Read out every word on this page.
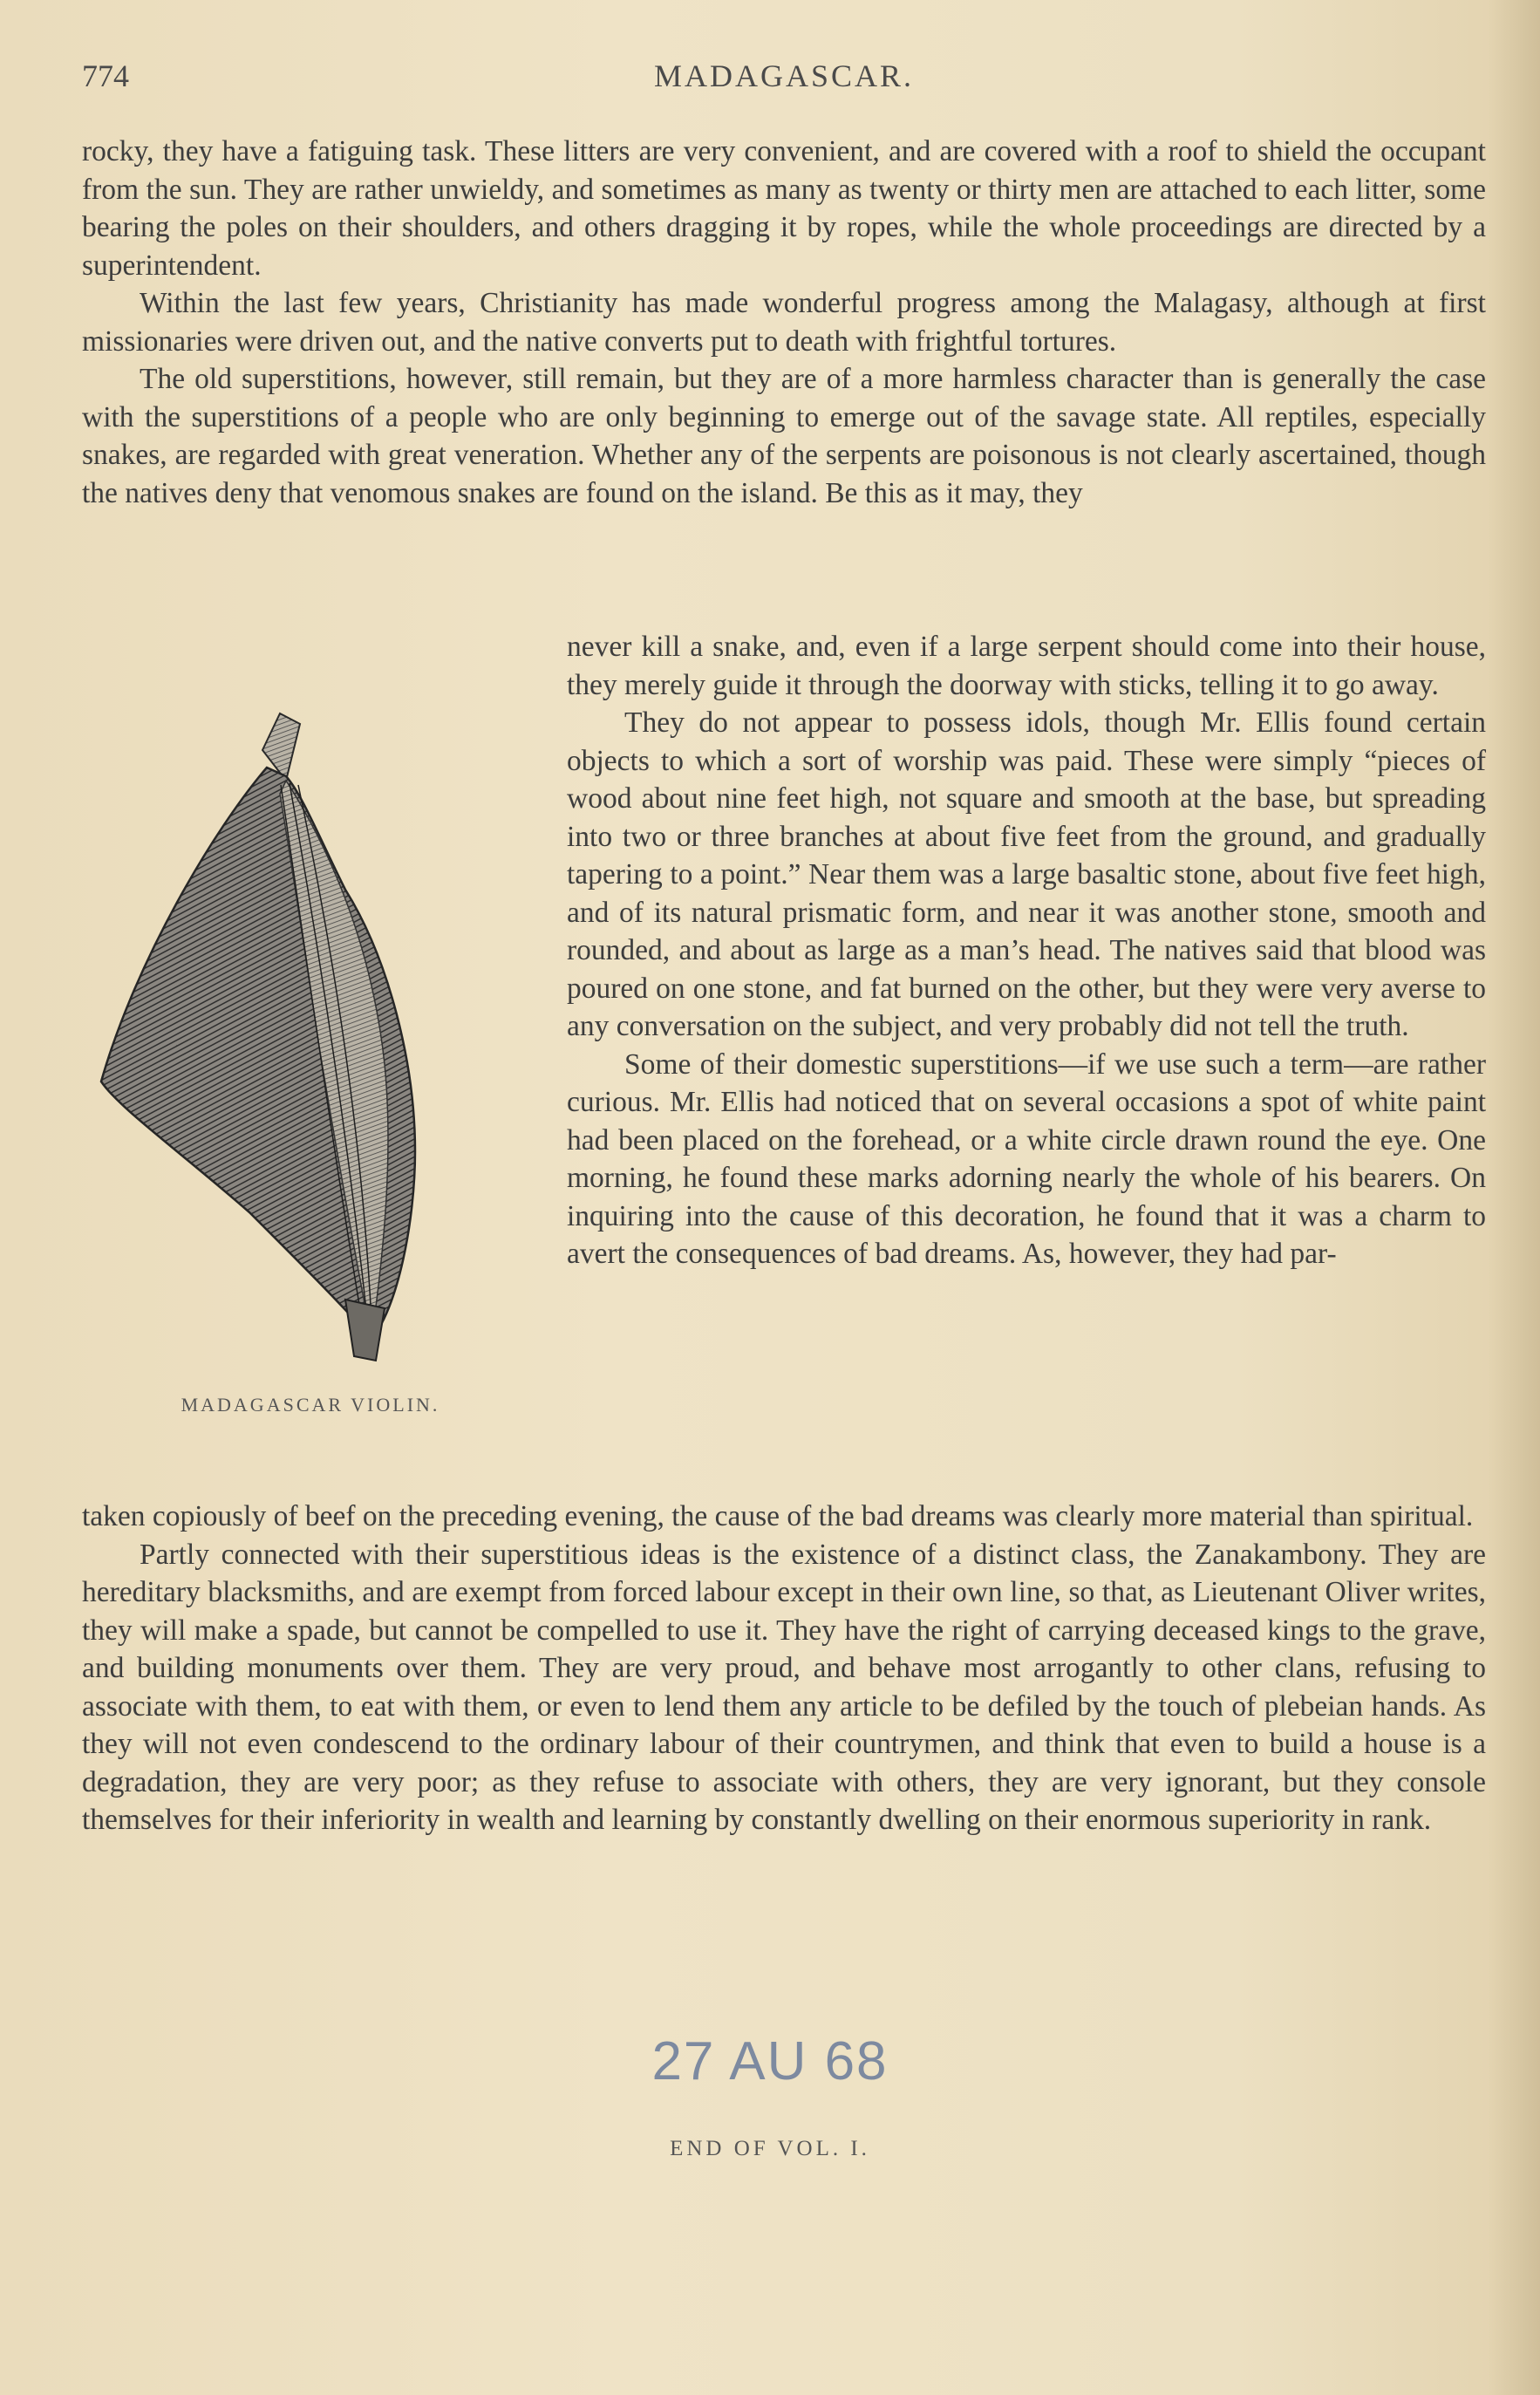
774	MADAGASCAR.

rocky, they have a fatiguing task. These litters are very convenient, and are covered with a roof to shield the occupant from the sun. They are rather unwieldy, and sometimes as many as twenty or thirty men are attached to each litter, some bearing the poles on their shoulders, and others dragging it by ropes, while the whole proceedings are directed by a superintendent.

Within the last few years, Christianity has made wonderful progress among the Malagasy, although at first missionaries were driven out, and the native converts put to death with frightful tortures.

The old superstitions, however, still remain, but they are of a more harmless character than is generally the case with the superstitions of a people who are only beginning to emerge out of the savage state. All reptiles, especially snakes, are regarded with great veneration. Whether any of the serpents are poisonous is not clearly ascertained, though the natives deny that venomous snakes are found on the island. Be this as it may, they

MADAGASCAR VIOLIN.

never kill a snake, and, even if a large serpent should come into their house, they merely guide it through the doorway with sticks, telling it to go away.

They do not appear to possess idols, though Mr. Ellis found certain objects to which a sort of worship was paid. These were simply “pieces of wood about nine feet high, not square and smooth at the base, but spreading into two or three branches at about five feet from the ground, and gradually tapering to a point.” Near them was a large basaltic stone, about five feet high, and of its natural prismatic form, and near it was another stone, smooth and rounded, and about as large as a man’s head. The natives said that blood was poured on one stone, and fat burned on the other, but they were very averse to any conversation on the subject, and very probably did not tell the truth.

Some of their domestic superstitions—if we use such a term—are rather curious. Mr. Ellis had noticed that on several occasions a spot of white paint had been placed on the forehead, or a white circle drawn round the eye. One morning, he found these marks adorning nearly the whole of his bearers. On inquiring into the cause of this decoration, he found that it was a charm to avert the consequences of bad dreams. As, however, they had par-

taken copiously of beef on the preceding evening, the cause of the bad dreams was clearly more material than spiritual.

Partly connected with their superstitious ideas is the existence of a distinct class, the Zanakambony. They are hereditary blacksmiths, and are exempt from forced labour except in their own line, so that, as Lieutenant Oliver writes, they will make a spade, but cannot be compelled to use it. They have the right of carrying deceased kings to the grave, and building monuments over them. They are very proud, and behave most arrogantly to other clans, refusing to associate with them, to eat with them, or even to lend them any article to be defiled by the touch of plebeian hands. As they will not even condescend to the ordinary labour of their countrymen, and think that even to build a house is a degradation, they are very poor; as they refuse to associate with others, they are very ignorant, but they console themselves for their inferiority in wealth and learning by constantly dwelling on their enormous superiority in rank.

27 AU 68
END OF VOL. I.
